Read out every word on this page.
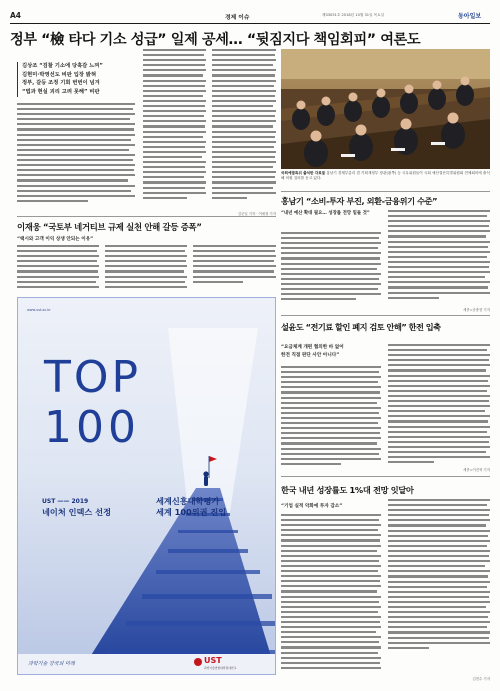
A4	경제 이슈	제33051호 2018년 10월 31일 목요일	동아일보
정부 “檢 타다 기소 성급” 일제 공세… “뒷짐지다 책임회피” 여론도
김상조 “검찰 기소에 당혹감 느껴”
김현미·박영선도 비판 입장 밝혀
정부, 갈등 조정 기회 번번이 넘겨
“법과 현실 괴리 고려 못해” 비판
국회예결특위 출석한 각료들 홍남기 경제부총리 겸 기획재정부 장관(왼쪽) 등 국무위원들이 국회 예산결산특별위원회 전체회의에 출석해 의원 질의를 듣고 있다.
김준일 기자 · 이세형 기자
이재웅 “국토부 네거티브 규제 실천 안해 갈등 증폭”
“택시와 고객 이익 상생 안되는 이유”
www.ust.ac.kr
TOP
100
UST —— 2019
네이처 인덱스 선정
세계신흥대학평가
세계 100위권 진입
과학기술 강국의 미래	UST
과학기술연합대학원대학교
홍남기 “소비-투자 부진, 외환-금융위기 수준”
“내년 예산 확대 필요… 성장률 전망 밑돌 것”
세종=송충현 기자
설윤도 “전기료 할인 폐지 검토 안해” 한전 입축
“요금체계 개편 협의한 바 없어
한전 직접 판단 사안 아니다”
세종=이건혁 기자
한국 내년 성장률도 1%대 전망 잇달아
“기업 실적 악화에 투자 감소”
김현수 기자
